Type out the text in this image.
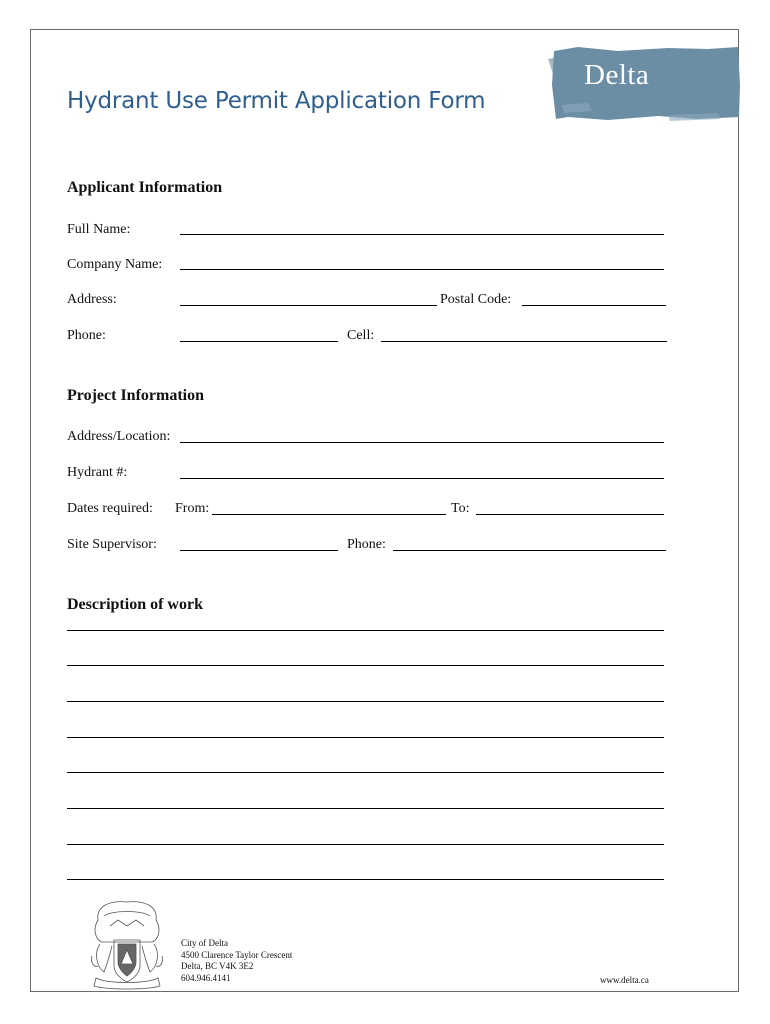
Hydrant Use Permit Application Form
Delta
Applicant Information
Full Name:
Company Name:
Address:	Postal Code:
Phone:	Cell:
Project Information
Address/Location:
Hydrant #:
Dates required: From:	To:
Site Supervisor:	Phone:
Description of work
City of Delta
4500 Clarence Taylor Crescent
Delta, BC V4K 3E2
604.946.4141	www.delta.ca
